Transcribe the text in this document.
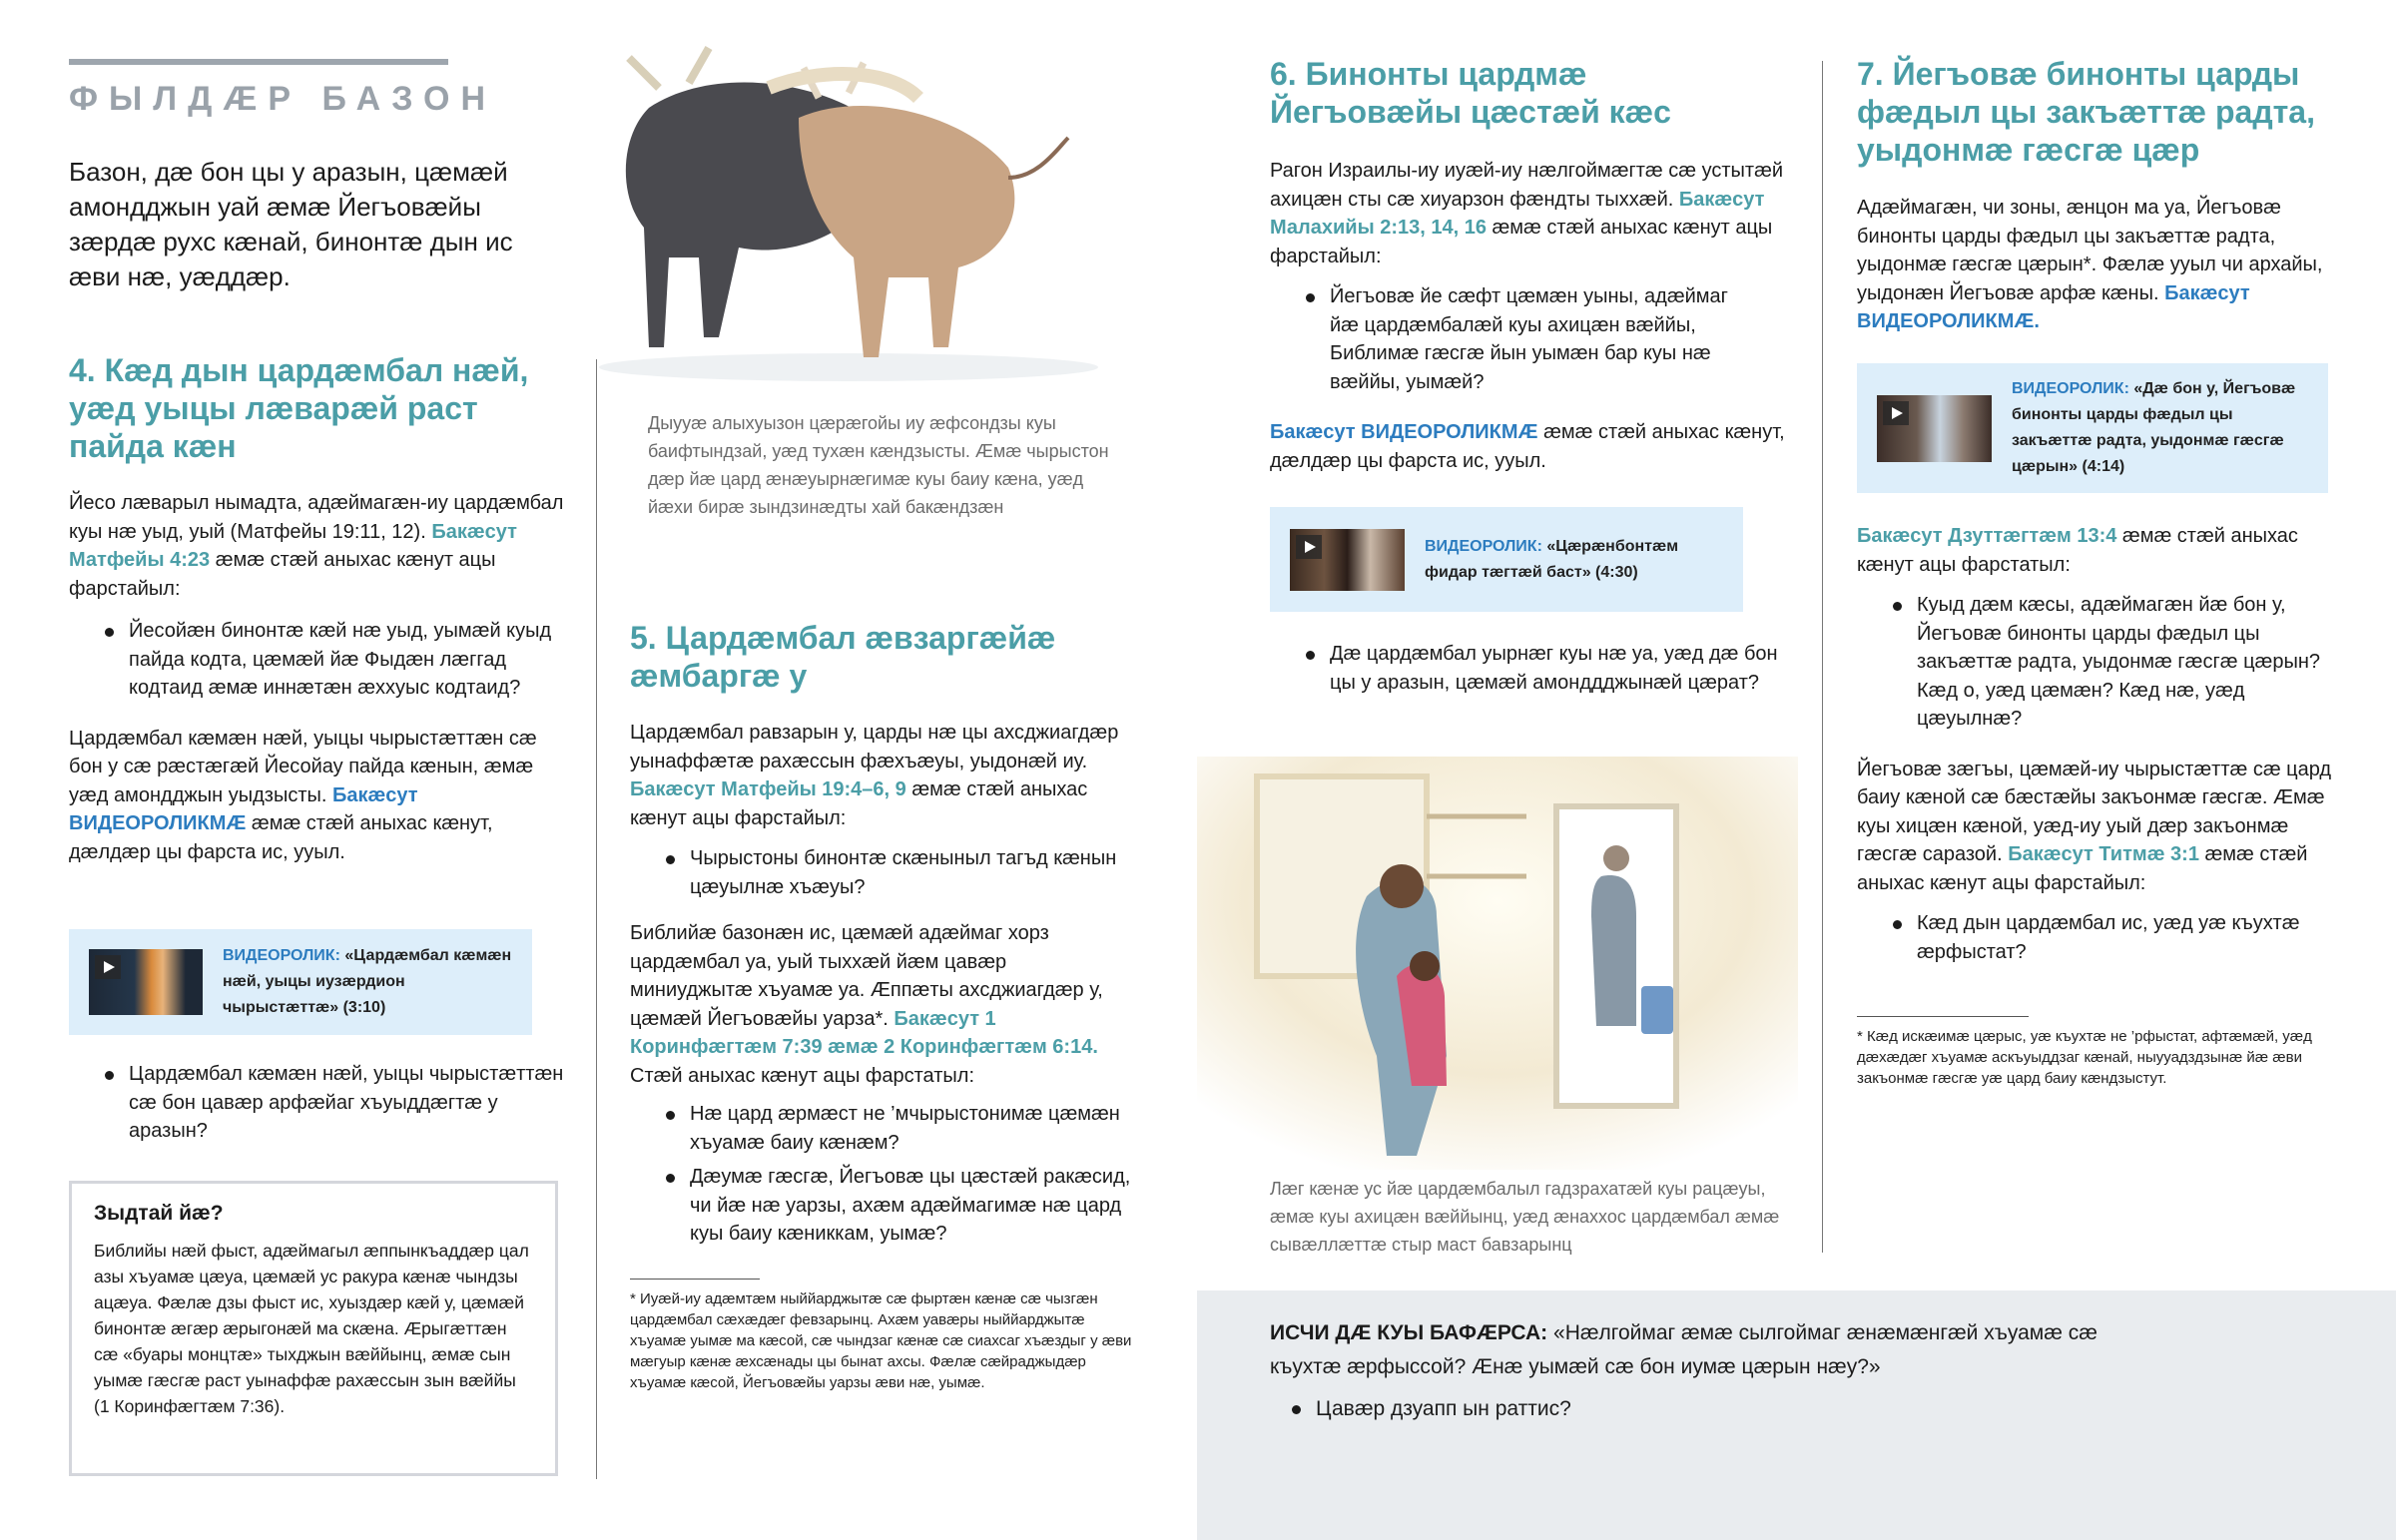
ФЫЛДÆР БАЗОН

Базон, дæ бон цы у аразын, цæмæй амондджын уай æмæ Йегъовæйы зæрдæ рухс кæнай, бинонтæ дын ис æви нæ, уæддæр.

4. Кæд дын цардæмбал нæй, уæд уыцы лæварæй раст пайда кæн

Йесо лæварыл нымадта, адæймагæн-иу цардæмбал куы нæ уыд, уый (Матфейы 19:11, 12). Бакæсут Матфейы 4:23 æмæ стæй аныхас кæнут ацы фарстайыл:

Йесойæн бинонтæ кæй нæ уыд, уымæй куыд пайда кодта, цæмæй йæ Фыдæн лæггад кодтаид æмæ иннæтæн æххуыс кодтаид?

Цардæмбал кæмæн нæй, уыцы чырыстæттæн сæ бон у сæ рæстæгæй Йесойау пайда кæнын, æмæ уæд амондджын уыдзысты. Бакæсут ВИДЕОРОЛИКМÆ æмæ стæй аныхас кæнут, дæлдæр цы фарста ис, ууыл.

ВИДЕОРОЛИК: «Цардæмбал кæмæн нæй, уыцы иузæрдион чырыстæттæ» (3:10)
Цардæмбал кæмæн нæй, уыцы чырыстæттæн сæ бон цавæр арфæйаг хъуыддæгтæ у аразын?
Зыдтай йæ?
Библийы нæй фыст, адæймагыл æппынкъаддæр цал азы хъуамæ цæуа, цæмæй ус ракура кæнæ чындзы ацæуа. Фæлæ дзы фыст ис, хуыздæр кæй у, цæмæй бинонтæ æгæр æрыгонæй ма скæна. Æрыгæттæн сæ «буары монцтæ» тыхджын вæййынц, æмæ сын уымæ гæсгæ раст уынаффæ рахæссын зын вæййы (1 Коринфæгтæм 7:36).

Дыууæ алыхуызон цæрæгойы иу æфсондзы куы баифтындзай, уæд тухæн кæндзысты. Æмæ чырыстон дæр йæ цард æнæуырнæгимæ куы баиу кæна, уæд йæхи бирæ зындзинæдты хай бакæндзæн

5. Цардæмбал æвзаргæйæ æмбаргæ у

Цардæмбал равзарын у, царды нæ цы ахсджиагдæр уынаффæтæ рахæссын фæхъæуы, уыдонæй иу. Бакæсут Матфейы 19:4–6, 9 æмæ стæй аныхас кæнут ацы фарстайыл:

Чырыстоны бинонтæ скæныныл тагъд кæнын цæуылнæ хъæуы?

Библийæ базонæн ис, цæмæй адæймаг хорз цардæмбал уа, уый тыххæй йæм цавæр миниуджытæ хъуамæ уа. Æппæты ахсджиагдæр у, цæмæй Йегъовæйы уарза*. Бакæсут 1 Коринфæгтæм 7:39 æмæ 2 Коринфæгтæм 6:14.
Стæй аныхас кæнут ацы фарстатыл:

Нæ цард æрмæст не ’мчырыстонимæ цæмæн хъуамæ баиу кæнæм?
Дæумæ гæсгæ, Йегъовæ цы цæстæй ракæсид, чи йæ нæ уарзы, ахæм адæймагимæ нæ цард куы баиу кæниккам, уымæ?

* Иуæй-иу адæмтæм ныййарджытæ сæ фыртæн кæнæ сæ чызгæн цардæмбал сæхæдæг февзарынц. Ахæм уавæры ныййарджытæ хъуамæ уымæ ма кæсой, сæ чындзаг кæнæ сæ сиахсаг хъæздыг у æви мæгуыр кæнæ æхсæнады цы бынат ахсы. Фæлæ сæйраджыдæр хъуамæ кæсой, Йегъовæйы уарзы æви нæ, уымæ.

6. Бинонты цардмæ Йегъовæйы цæстæй кæс

Рагон Израилы-иу иуæй-иу нæлгоймæгтæ сæ устытæй ахицæн сты сæ хиуарзон фæндты тыххæй. Бакæсут Малахийы 2:13, 14, 16 æмæ стæй аныхас кæнут ацы фарстайыл:

Йегъовæ йе сæфт цæмæн уыны, адæймаг йæ цардæмбалæй куы ахицæн вæййы, Библимæ гæсгæ йын уымæн бар куы нæ вæййы, уымæй?

Бакæсут ВИДЕОРОЛИКМÆ æмæ стæй аныхас кæнут, дæлдæр цы фарста ис, ууыл.

ВИДЕОРОЛИК: «Цæрæнбонтæм фидар тæгтæй баст» (4:30)
Дæ цардæмбал уырнæг куы нæ уа, уæд дæ бон цы у аразын, цæмæй амонддджынæй цæрат?

Лæг кæнæ ус йæ цардæмбалыл гадзрахатæй куы рацæуы, æмæ куы ахицæн вæййынц, уæд æнаххос цардæмбал æмæ сывæллæттæ стыр маст бавзарынц

7. Йегъовæ бинонты царды фæдыл цы закъæттæ радта, уыдонмæ гæсгæ цæр

Адæймагæн, чи зоны, æнцон ма уа, Йегъовæ бинонты царды фæдыл цы закъæттæ радта, уыдонмæ гæсгæ цæрын*. Фæлæ ууыл чи архайы, уыдонæн Йегъовæ арфæ кæны. Бакæсут ВИДЕОРОЛИКМÆ.

ВИДЕОРОЛИК: «Дæ бон у, Йегъовæ бинонты царды фæдыл цы закъæттæ радта, уыдонмæ гæсгæ цæрын» (4:14)

Бакæсут Дзуттæгтæм 13:4 æмæ стæй аныхас кæнут ацы фарстатыл:

Куыд дæм кæсы, адæймагæн йæ бон у, Йегъовæ бинонты царды фæдыл цы закъæттæ радта, уыдонмæ гæсгæ цæрын? Кæд о, уæд цæмæн? Кæд нæ, уæд цæуылнæ?

Йегъовæ зæгъы, цæмæй-иу чырыстæттæ сæ цард баиу кæной сæ бæстæйы закъонмæ гæсгæ. Æмæ куы хицæн кæной, уæд-иу уый дæр закъонмæ гæсгæ саразой. Бакæсут Титмæ 3:1 æмæ стæй аныхас кæнут ацы фарстайыл:

Кæд дын цардæмбал ис, уæд уæ къухтæ æрфыстат?

* Кæд искæимæ цæрыс, уæ къухтæ не ’рфыстат, афтæмæй, уæд дæхæдæг хъуамæ аскъуыддзаг кæнай, ныууадздзынæ йæ æви закъонмæ гæсгæ уæ цард баиу кæндзыстут.

ИСЧИ ДÆ КУЫ БАФÆРСА: «Нæлгоймаг æмæ сылгоймаг æнæмæнгæй хъуамæ сæ къухтæ æрфыссой? Æнæ уымæй сæ бон иумæ цæрын нæу?»
Цавæр дзуапп ын раттис?
